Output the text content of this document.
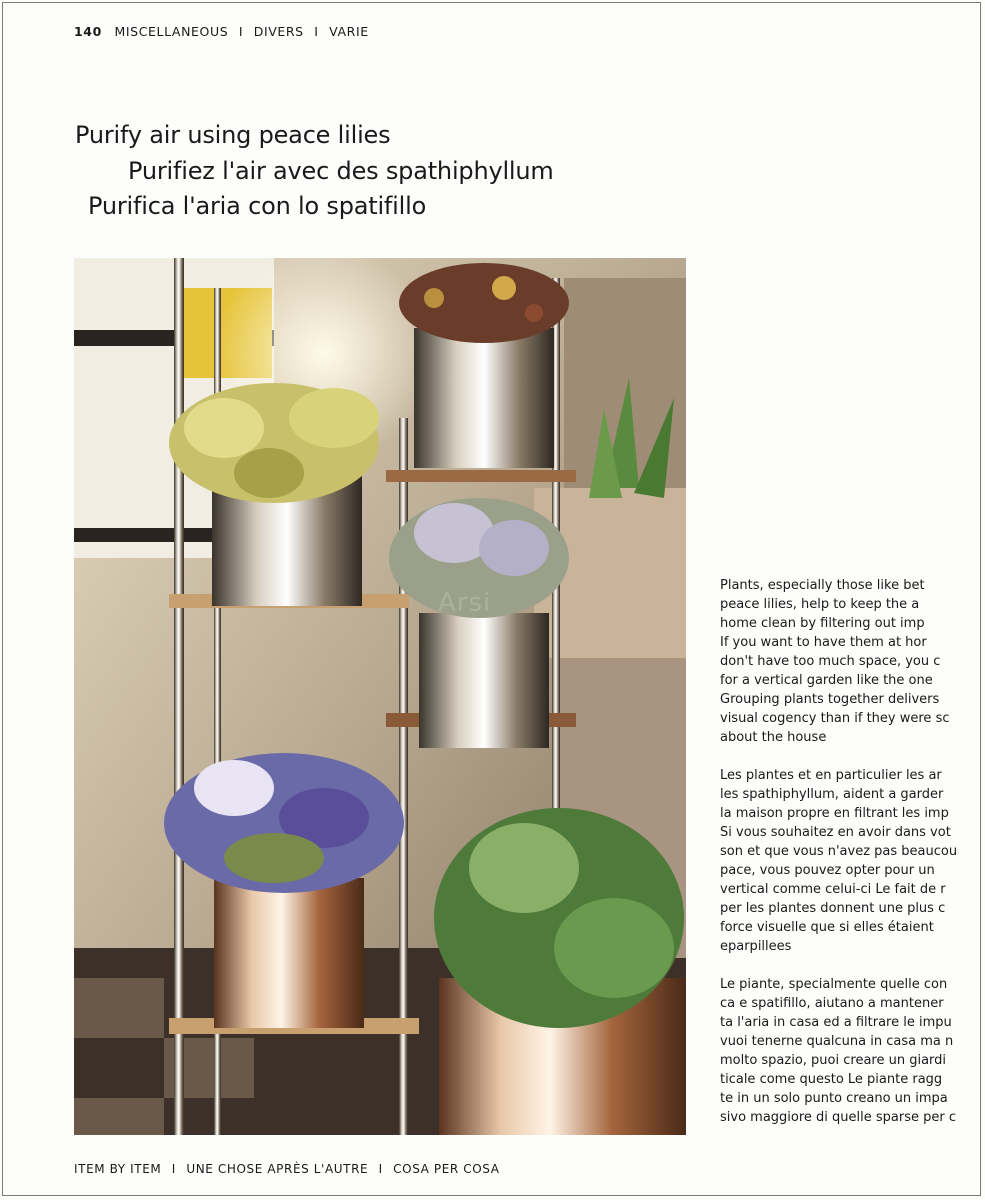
140 MISCELLANEOUS I DIVERS I VARIE
Purify air using peace lilies
Purifiez l'air avec des spathiphyllum
Purifica l'aria con lo spatifillo
Arsi

Plants, especially those like bet
peace lilies, help to keep the a
home clean by filtering out imp
If you want to have them at hor
don't have too much space, you c
for a vertical garden like the one
Grouping plants together delivers
visual cogency than if they were sc
about the house

Les plantes et en particulier les ar
les spathiphyllum, aident a garder
la maison propre en filtrant les imp
Si vous souhaitez en avoir dans vot
son et que vous n'avez pas beaucou
pace, vous pouvez opter pour un
vertical comme celui-ci Le fait de r
per les plantes donnent une plus c
force visuelle que si elles étaient
eparpillees

Le piante, specialmente quelle con
ca e spatifillo, aiutano a mantener
ta l'aria in casa ed a filtrare le impu
vuoi tenerne qualcuna in casa ma n
molto spazio, puoi creare un giardi
ticale come questo Le piante ragg
te in un solo punto creano un impa
sivo maggiore di quelle sparse per c

ITEM BY ITEM I UNE CHOSE APRÈS L'AUTRE I COSA PER COSA
